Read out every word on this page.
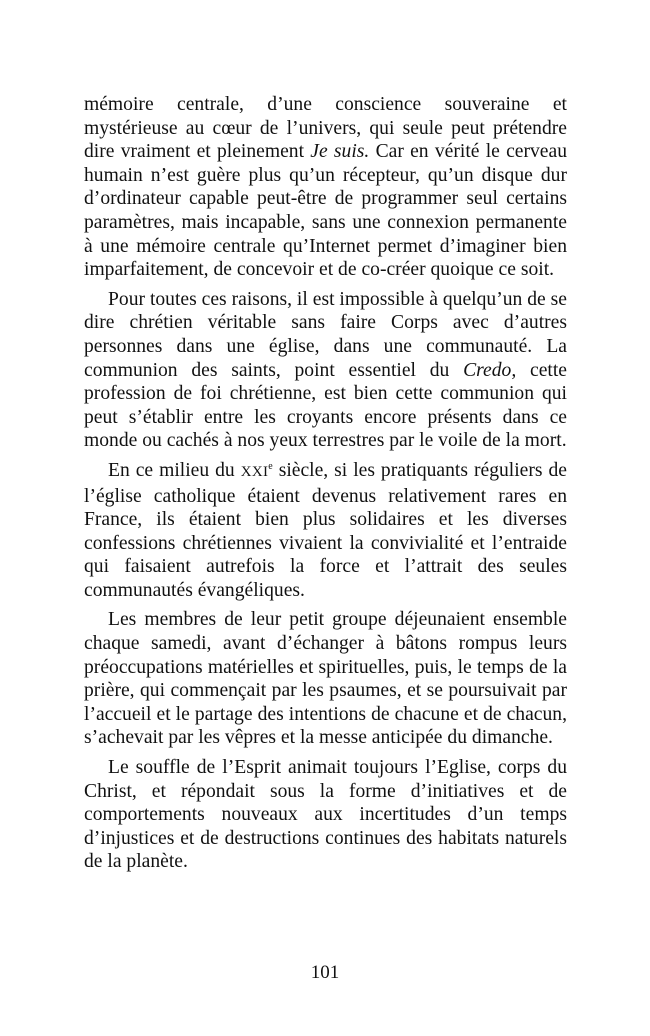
mémoire centrale, d’une conscience souveraine et mystérieuse au cœur de l’univers, qui seule peut prétendre dire vraiment et pleinement Je suis. Car en vérité le cerveau humain n’est guère plus qu’un récepteur, qu’un disque dur d’ordinateur capable peut-être de programmer seul certains paramètres, mais incapable, sans une connexion permanente à une mémoire centrale qu’Internet permet d’imaginer bien imparfaitement, de concevoir et de co-créer quoique ce soit.

Pour toutes ces raisons, il est impossible à quelqu’un de se dire chrétien véritable sans faire Corps avec d’autres personnes dans une église, dans une communauté. La communion des saints, point essentiel du Credo, cette profession de foi chrétienne, est bien cette communion qui peut s’établir entre les croyants encore présents dans ce monde ou cachés à nos yeux terrestres par le voile de la mort.

En ce milieu du XXIe siècle, si les pratiquants réguliers de l’église catholique étaient devenus relativement rares en France, ils étaient bien plus solidaires et les diverses confessions chrétiennes vivaient la convivialité et l’entraide qui faisaient autrefois la force et l’attrait des seules communautés évangéliques.

Les membres de leur petit groupe déjeunaient ensemble chaque samedi, avant d’échanger à bâtons rompus leurs préoccupations matérielles et spirituelles, puis, le temps de la prière, qui commençait par les psaumes, et se poursuivait par l’accueil et le partage des intentions de chacune et de chacun, s’achevait par les vêpres et la messe anticipée du dimanche.

Le souffle de l’Esprit animait toujours l’Eglise, corps du Christ, et répondait sous la forme d’initiatives et de comportements nouveaux aux incertitudes d’un temps d’injustices et de destructions continues des habitats naturels de la planète.

101
